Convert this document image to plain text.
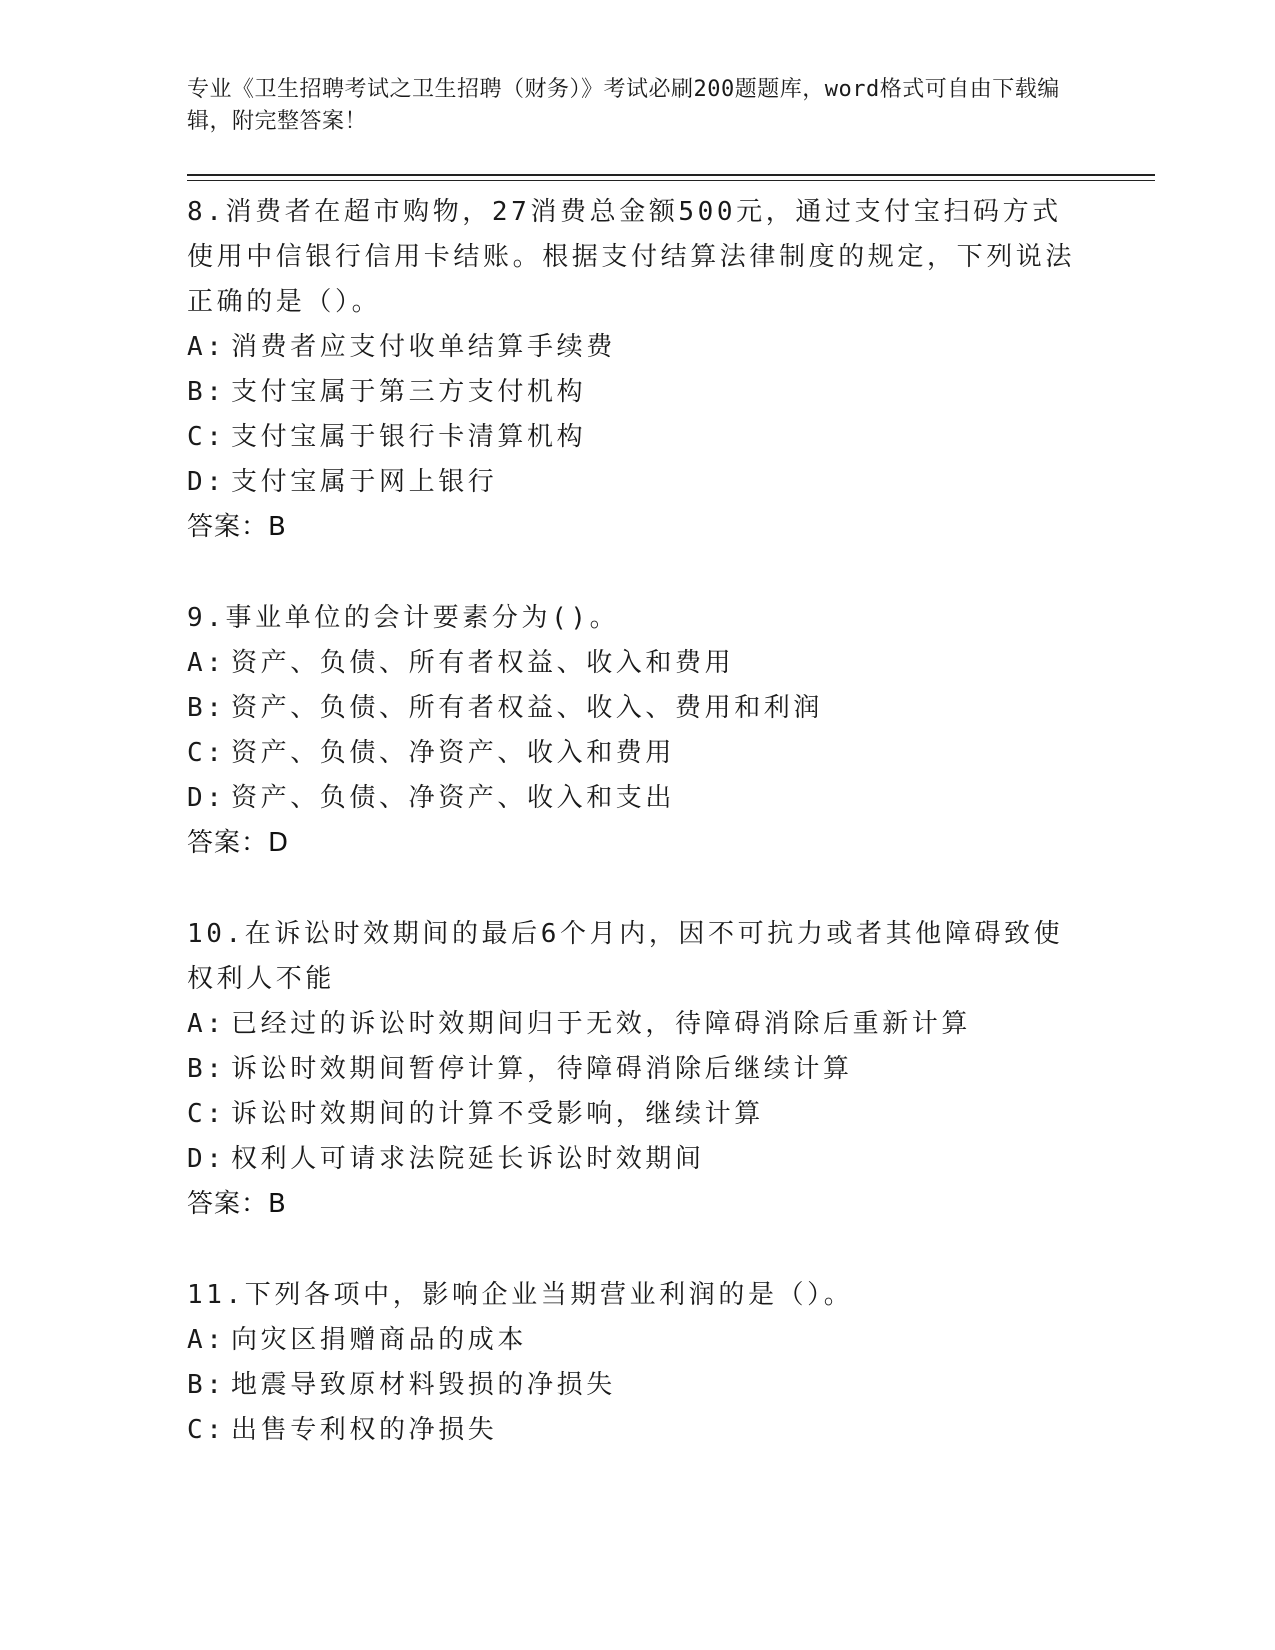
专业《卫生招聘考试之卫生招聘（财务）》考试必刷200题题库，word格式可自由下载编辑，附完整答案！

8.消费者在超市购物，27消费总金额500元，通过支付宝扫码方式使用中信银行信用卡结账。根据支付结算法律制度的规定，下列说法正确的是（）。

A: 消费者应支付收单结算手续费
B: 支付宝属于第三方支付机构
C: 支付宝属于银行卡清算机构
D: 支付宝属于网上银行
答案：B

9.事业单位的会计要素分为()。

A: 资产、负债、所有者权益、收入和费用
B: 资产、负债、所有者权益、收入、费用和利润
C: 资产、负债、净资产、收入和费用
D: 资产、负债、净资产、收入和支出
答案：D

10.在诉讼时效期间的最后6个月内，因不可抗力或者其他障碍致使权利人不能

A: 已经过的诉讼时效期间归于无效，待障碍消除后重新计算
B: 诉讼时效期间暂停计算，待障碍消除后继续计算
C: 诉讼时效期间的计算不受影响，继续计算
D: 权利人可请求法院延长诉讼时效期间
答案：B

11.下列各项中，影响企业当期营业利润的是（）。

A: 向灾区捐赠商品的成本
B: 地震导致原材料毁损的净损失
C: 出售专利权的净损失
